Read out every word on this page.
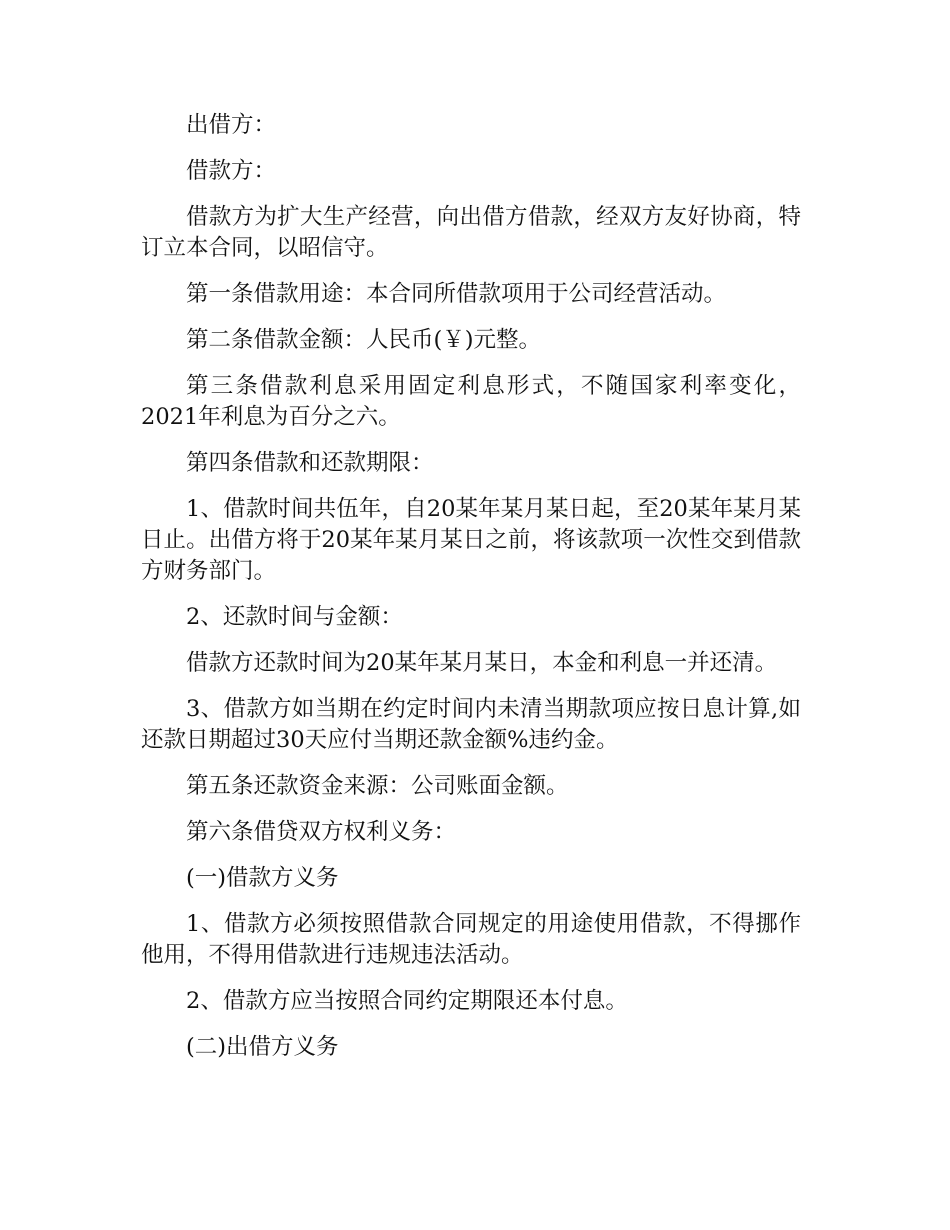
出借方：

借款方：

借款方为扩大生产经营，向出借方借款，经双方友好协商，特订立本合同，以昭信守。

第一条借款用途：本合同所借款项用于公司经营活动。

第二条借款金额：人民币(￥)元整。

第三条借款利息采用固定利息形式，不随国家利率变化，2021年利息为百分之六。

第四条借款和还款期限：

1、借款时间共伍年，自20某年某月某日起，至20某年某月某日止。出借方将于20某年某月某日之前，将该款项一次性交到借款方财务部门。

2、还款时间与金额：

借款方还款时间为20某年某月某日，本金和利息一并还清。

3、借款方如当期在约定时间内未清当期款项应按日息计算,如还款日期超过30天应付当期还款金额%违约金。

第五条还款资金来源：公司账面金额。

第六条借贷双方权利义务：

(一)借款方义务

1、借款方必须按照借款合同规定的用途使用借款，不得挪作他用，不得用借款进行违规违法活动。

2、借款方应当按照合同约定期限还本付息。

(二)出借方义务
